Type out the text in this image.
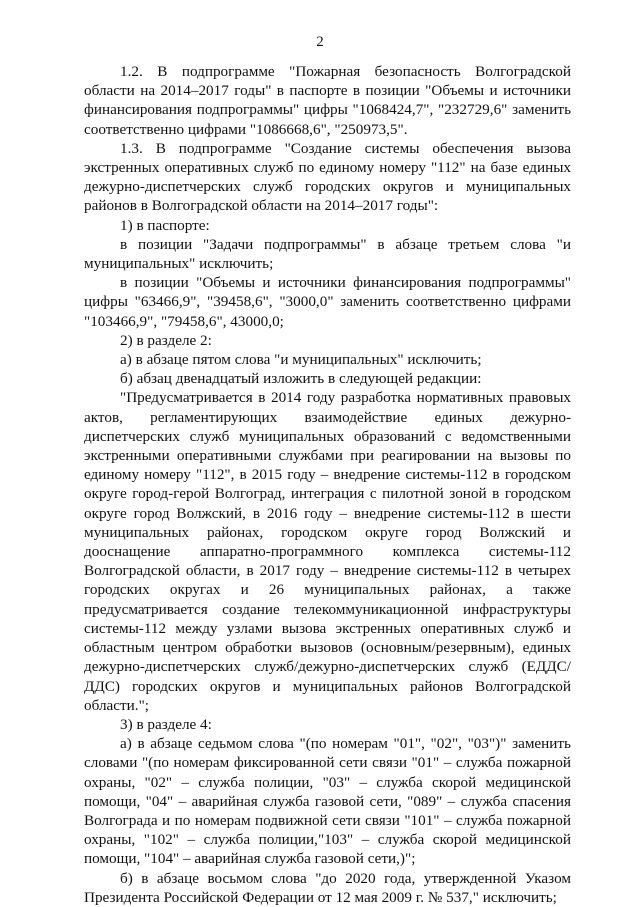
2

1.2. В подпрограмме "Пожарная безопасность Волгоградской области на 2014–2017 годы" в паспорте в позиции "Объемы и источники финансирования подпрограммы" цифры "1068424,7", "232729,6" заменить соответственно цифрами "1086668,6", "250973,5".

1.3. В подпрограмме "Создание системы обеспечения вызова экстренных оперативных служб по единому номеру "112" на базе единых дежурно-диспетчерских служб городских округов и муниципальных районов в Волгоградской области на 2014–2017 годы":

1) в паспорте:

в позиции "Задачи подпрограммы" в абзаце третьем слова "и муниципальных" исключить;

в позиции "Объемы и источники финансирования подпрограммы" цифры "63466,9", "39458,6", "3000,0" заменить соответственно цифрами "103466,9", "79458,6", 43000,0;

2) в разделе 2:

а) в абзаце пятом слова "и муниципальных" исключить;

б) абзац двенадцатый изложить в следующей редакции:

"Предусматривается в 2014 году разработка нормативных правовых актов, регламентирующих взаимодействие единых дежурно-диспетчерских служб муниципальных образований с ведомственными экстренными оперативными службами при реагировании на вызовы по единому номеру "112", в 2015 году – внедрение системы-112 в городском округе город-герой Волгоград, интеграция с пилотной зоной в городском округе город Волжский, в 2016 году – внедрение системы-112 в шести муниципальных районах, городском округе город Волжский и дооснащение аппаратно-программного комплекса системы-112 Волгоградской области, в 2017 году – внедрение системы-112 в четырех городских округах и 26 муниципальных районах, а также предусматривается создание телекоммуникационной инфраструктуры системы-112 между узлами вызова экстренных оперативных служб и областным центром обработки вызовов (основным/резервным), единых дежурно-диспетчерских служб/дежурно-диспетчерских служб (ЕДДС/ДДС) городских округов и муниципальных районов Волгоградской области.";

3) в разделе 4:

а) в абзаце седьмом слова "(по номерам "01", "02", "03")" заменить словами "(по номерам фиксированной сети связи "01" – служба пожарной охраны, "02" – служба полиции, "03" – служба скорой медицинской помощи, "04" – аварийная служба газовой сети, "089" – служба спасения Волгограда и по номерам подвижной сети связи "101" – служба пожарной охраны, "102" – служба полиции,"103" – служба скорой медицинской помощи, "104" – аварийная служба газовой сети,)";

б) в абзаце восьмом слова "до 2020 года, утвержденной Указом Президента Российской Федерации от 12 мая 2009 г. № 537," исключить;
